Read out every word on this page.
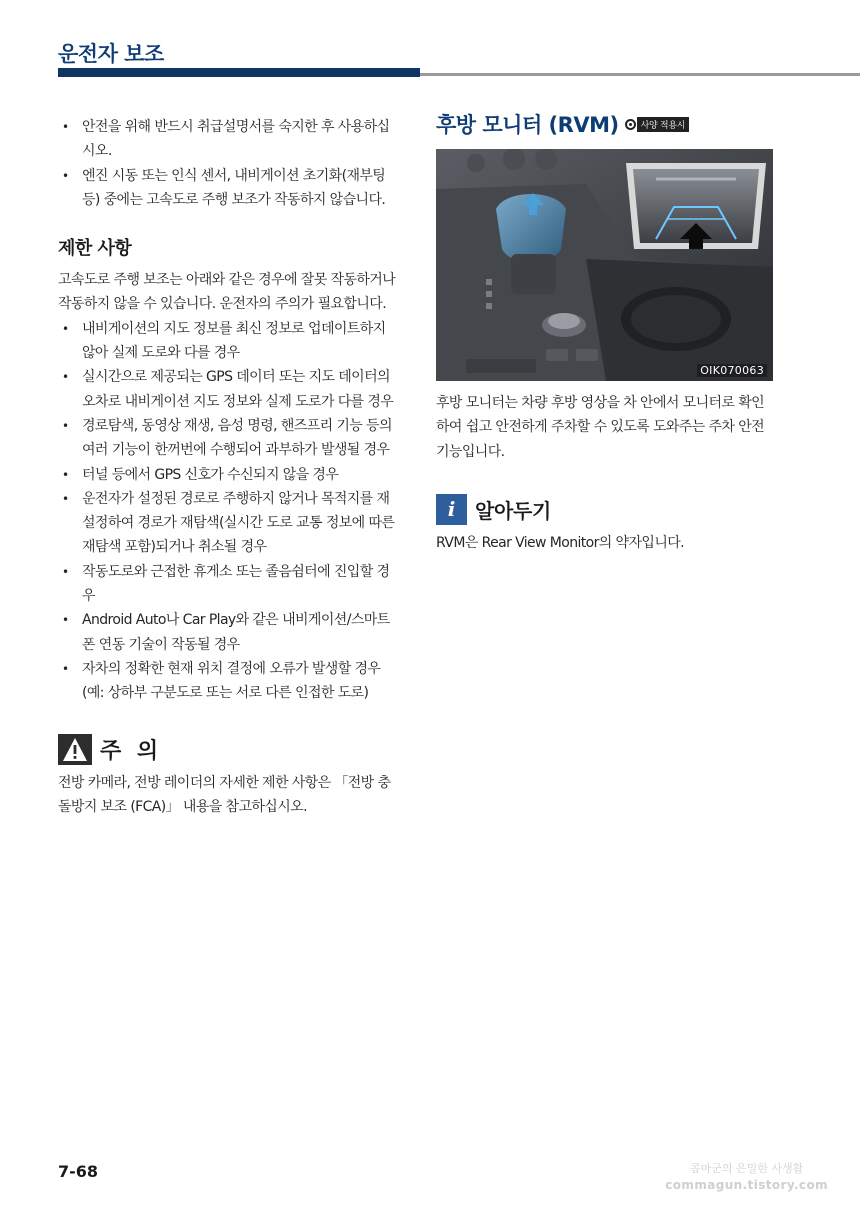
운전자 보조
• 안전을 위해 반드시 취급설명서를 숙지한 후 사용하십시오.
• 엔진 시동 또는 인식 센서, 내비게이션 초기화(재부팅 등) 중에는 고속도로 주행 보조가 작동하지 않습니다.
제한 사항

고속도로 주행 보조는 아래와 같은 경우에 잘못 작동하거나 작동하지 않을 수 있습니다. 운전자의 주의가 필요합니다.

• 내비게이션의 지도 정보를 최신 정보로 업데이트하지 않아 실제 도로와 다를 경우
• 실시간으로 제공되는 GPS 데이터 또는 지도 데이터의 오차로 내비게이션 지도 정보와 실제 도로가 다를 경우
• 경로탐색, 동영상 재생, 음성 명령, 핸즈프리 기능 등의 여러 기능이 한꺼번에 수행되어 과부하가 발생될 경우
• 터널 등에서 GPS 신호가 수신되지 않을 경우
• 운전자가 설정된 경로로 주행하지 않거나 목적지를 재설정하여 경로가 재탐색(실시간 도로 교통 정보에 따른 재탐색 포함)되거나 취소될 경우
• 작동도로와 근접한 휴게소 또는 졸음쉼터에 진입할 경우
• Android Auto나 Car Play와 같은 내비게이션/스마트폰 연동 기술이 작동될 경우
• 자차의 정확한 현재 위치 결정에 오류가 발생할 경우 (예: 상하부 구분도로 또는 서로 다른 인접한 도로)
주 의

전방 카메라, 전방 레이더의 자세한 제한 사항은 「전방 충돌방지 보조 (FCA)」 내용을 참고하십시오.

후방 모니터 (RVM)	사양 적용시
OIK070063

후방 모니터는 차량 후방 영상을 차 안에서 모니터로 확인하여 쉽고 안전하게 주차할 수 있도록 도와주는 주차 안전 기능입니다.

i 알아두기

RVM은 Rear View Monitor의 약자입니다.

7-68	콤마군의 은밀한 사생활
commagun.tistory.com
